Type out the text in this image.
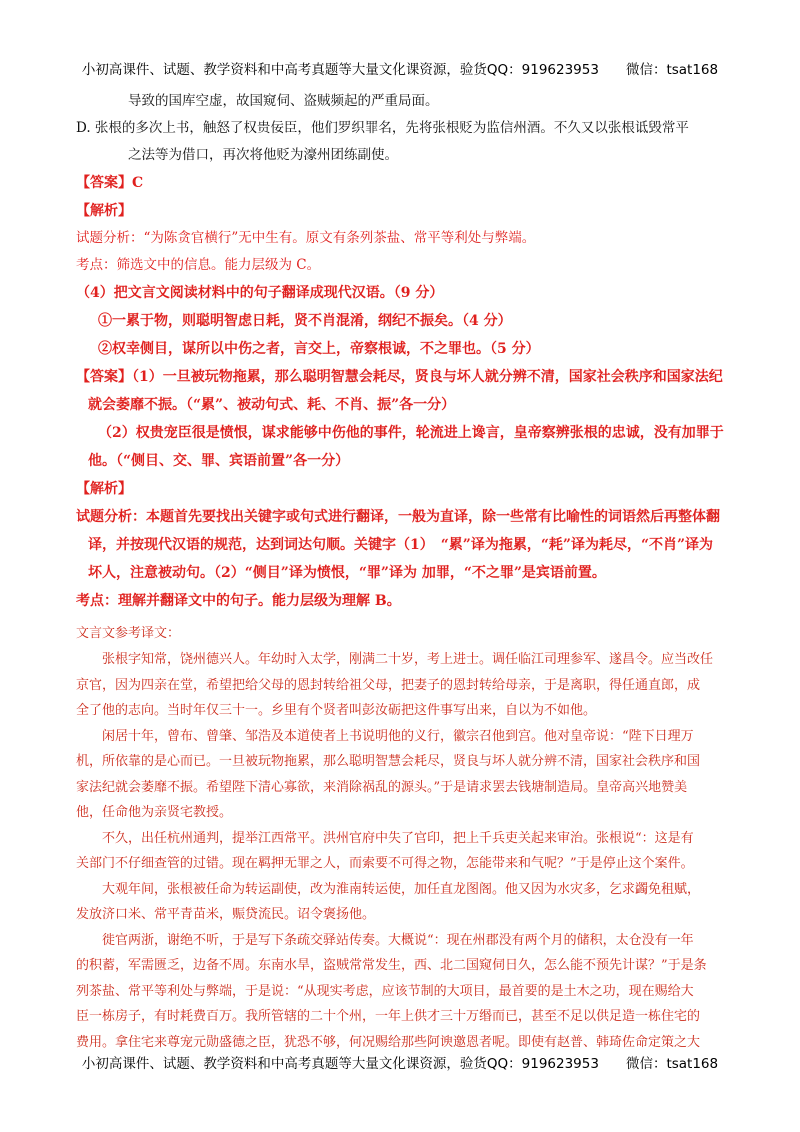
小初高课件、试题、教学资料和中高考真题等大量文化课资源，验货QQ：919623953　　微信：tsat168

导致的国库空虚，故国窥伺、盗贼频起的严重局面。

D. 张根的多次上书，触怒了权贵佞臣，他们罗织罪名，先将张根贬为监信州酒。不久又以张根诋毁常平

之法等为借口，再次将他贬为濠州团练副使。

【答案】C

【解析】

试题分析：“为陈贪官横行”无中生有。原文有条列茶盐、常平等利处与弊端。

考点：筛选文中的信息。能力层级为 C。

（4）把文言文阅读材料中的句子翻译成现代汉语。（9 分）

①一累于物，则聪明智虑日耗，贤不肖混淆，纲纪不振矣。（4 分）

②权幸侧目，谋所以中伤之者，言交上，帝察根诚，不之罪也。（5 分）

【答案】（1）一旦被玩物拖累，那么聪明智慧会耗尽，贤良与坏人就分辨不清，国家社会秩序和国家法纪

就会萎靡不振。（“累”、被动句式、耗、不肖、振”各一分）

（2）权贵宠臣很是愤恨，谋求能够中伤他的事件，轮流进上谗言，皇帝察辨张根的忠诚，没有加罪于

他。（“侧目、交、罪、宾语前置”各一分）

【解析】

试题分析：本题首先要找出关键字或句式进行翻译，一般为直译，除一些常有比喻性的词语然后再整体翻

译，并按现代汉语的规范，达到词达句顺。关键字（1）　“累”译为拖累，“耗”译为耗尽，“不肖”译为

坏人，注意被动句。（2）“侧目”译为愤恨，“罪”译为 加罪，“不之罪”是宾语前置。

考点：理解并翻译文中的句子。能力层级为理解 B。

文言文参考译文：

张根字知常，饶州德兴人。年幼时入太学，刚满二十岁，考上进士。调任临江司理参军、遂昌令。应当改任

京官，因为四亲在堂，希望把给父母的恩封转给祖父母，把妻子的恩封转给母亲，于是离职，得任通直郎，成

全了他的志向。当时年仅三十一。乡里有个贤者叫彭汝砺把这件事写出来，自以为不如他。

闲居十年，曾布、曾肇、邹浩及本道使者上书说明他的义行，徽宗召他到宫。他对皇帝说：“陛下日理万

机，所依靠的是心而已。一旦被玩物拖累，那么聪明智慧会耗尽，贤良与坏人就分辨不清，国家社会秩序和国

家法纪就会萎靡不振。希望陛下清心寡欲，来消除祸乱的源头。”于是请求罢去钱塘制造局。皇帝高兴地赞美

他，任命他为亲贤宅教授。

不久，出任杭州通判，提举江西常平。洪州官府中失了官印，把上千兵吏关起来审治。张根说“：这是有

关部门不仔细查管的过错。现在羁押无罪之人，而索要不可得之物，怎能带来和气呢？”于是停止这个案件。

大观年间，张根被任命为转运副使，改为淮南转运使，加任直龙图阁。他又因为水灾多，乞求蠲免租赋，

发放济口米、常平青苗米，赈贷流民。诏令褒扬他。

徙官两浙，谢绝不听，于是写下条疏交驿站传奏。大概说“：现在州郡没有两个月的储积，太仓没有一年

的积蓄，军需匮乏，边备不周。东南水旱，盗贼常常发生，西、北二国窥伺日久，怎么能不预先计谋？”于是条

列茶盐、常平等利处与弊端，于是说：“从现实考虑，应该节制的大项目，最首要的是土木之功，现在赐给大

臣一栋房子，有时耗费百万。我所管辖的二十个州，一年上供才三十万缗而已，甚至不足以供足造一栋住宅的

费用。拿住宅来尊宠元勋盛德之臣，犹恐不够，何况赐给那些阿谀邀恩者呢。即使有赵普、韩琦佐命定策之大

小初高课件、试题、教学资料和中高考真题等大量文化课资源，验货QQ：919623953　　微信：tsat168
